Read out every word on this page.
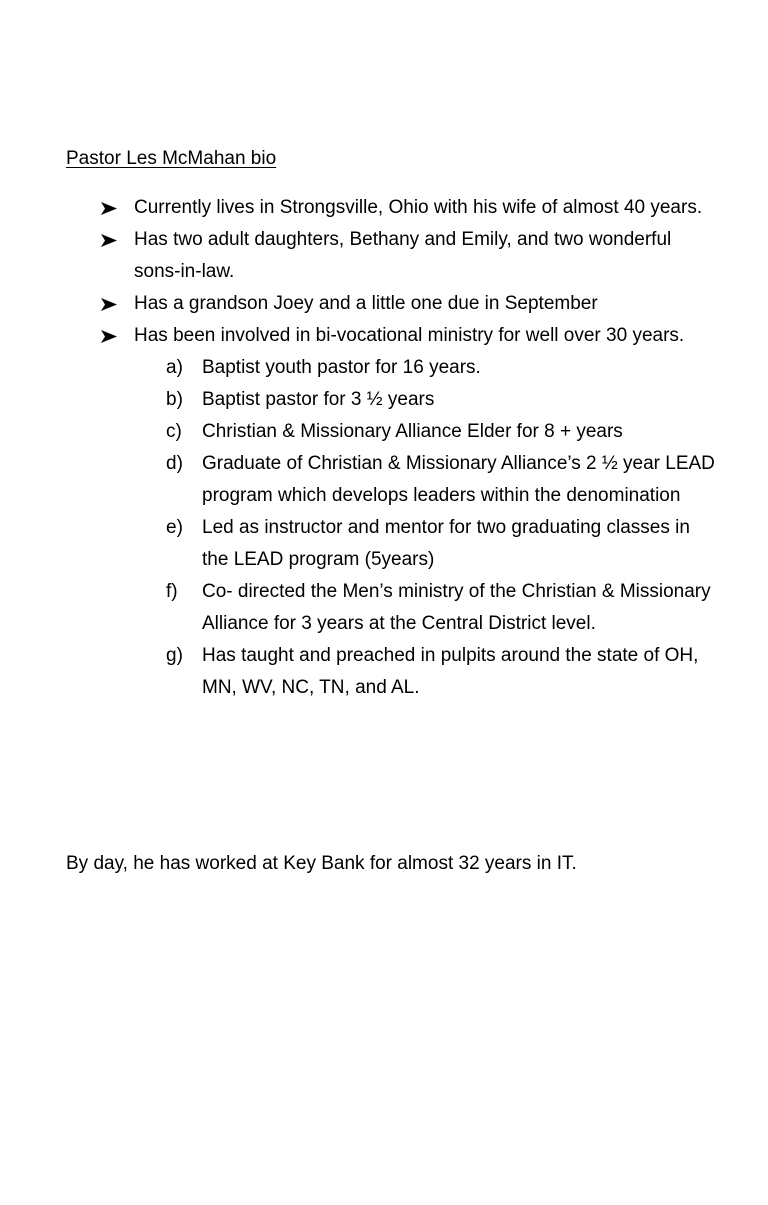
Pastor Les McMahan bio
Currently lives in Strongsville, Ohio with his wife of almost 40 years.
Has two adult daughters, Bethany and Emily, and two wonderful sons-in-law.
Has a grandson Joey and a little one due in September
Has been involved in bi-vocational ministry for well over 30 years.
a) Baptist youth pastor for 16 years.
b) Baptist pastor for 3 ½ years
c) Christian & Missionary Alliance Elder for 8 + years
d) Graduate of Christian & Missionary Alliance’s 2 ½ year LEAD program which develops leaders within the denomination
e) Led as instructor and mentor for two graduating classes in the LEAD program (5years)
f) Co- directed the Men’s ministry of the Christian & Missionary Alliance for 3 years at the Central District level.
g) Has taught and preached in pulpits around the state of OH, MN, WV, NC, TN, and AL.

By day, he has worked at Key Bank for almost 32 years in IT.
